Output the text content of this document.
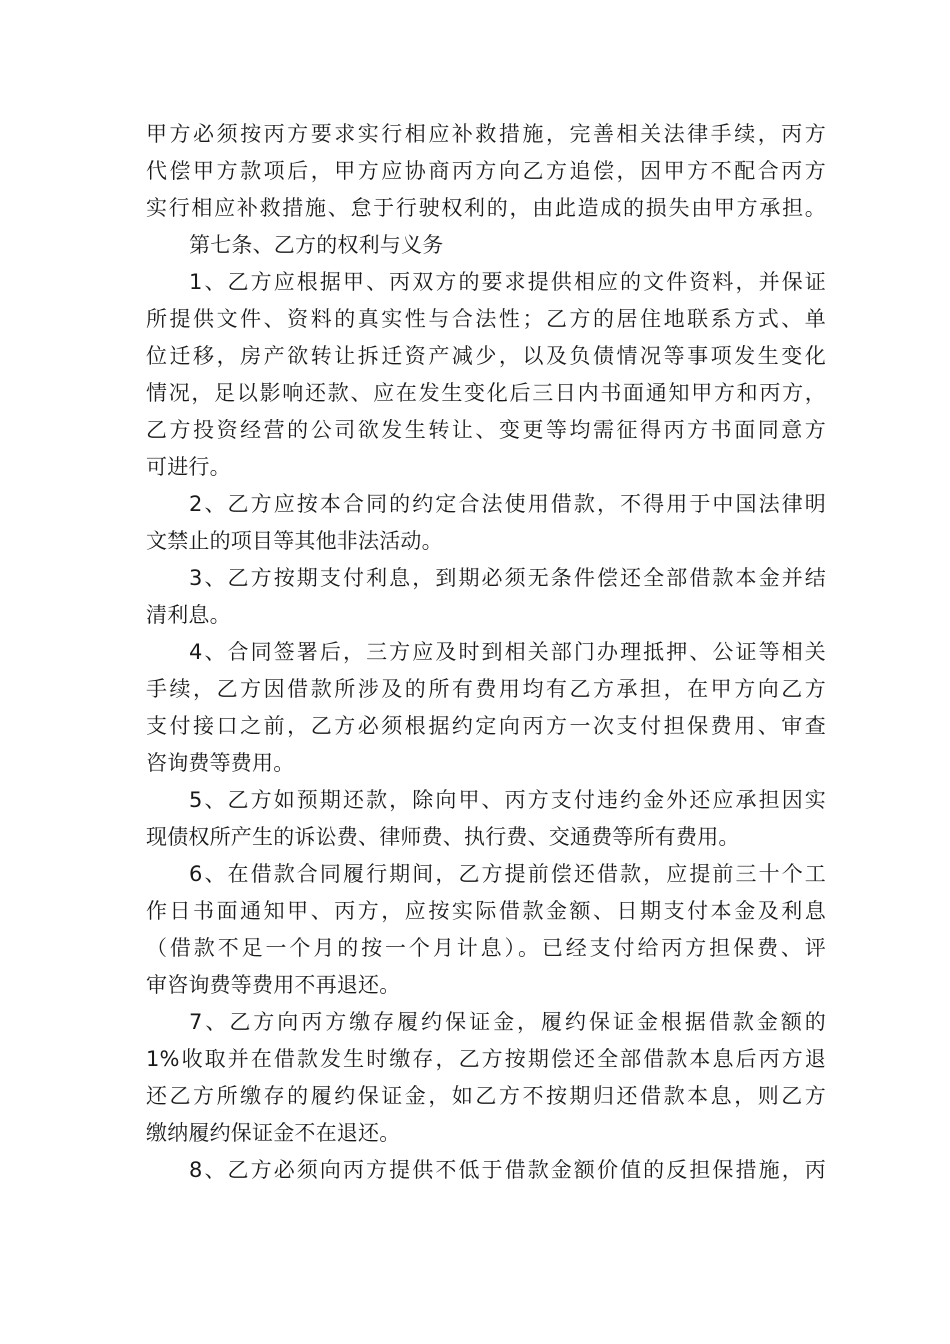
甲方必须按丙方要求实行相应补救措施，完善相关法律手续，丙方
代偿甲方款项后，甲方应协商丙方向乙方追偿，因甲方不配合丙方
实行相应补救措施、怠于行驶权利的，由此造成的损失由甲方承担。
第七条、乙方的权利与义务
1、乙方应根据甲、丙双方的要求提供相应的文件资料，并保证
所提供文件、资料的真实性与合法性；乙方的居住地联系方式、单
位迁移，房产欲转让拆迁资产减少，以及负债情况等事项发生变化
情况，足以影响还款、应在发生变化后三日内书面通知甲方和丙方，
乙方投资经营的公司欲发生转让、变更等均需征得丙方书面同意方
可进行。
2、乙方应按本合同的约定合法使用借款，不得用于中国法律明
文禁止的项目等其他非法活动。
3、乙方按期支付利息，到期必须无条件偿还全部借款本金并结
清利息。
4、合同签署后，三方应及时到相关部门办理抵押、公证等相关
手续，乙方因借款所涉及的所有费用均有乙方承担，在甲方向乙方
支付接口之前，乙方必须根据约定向丙方一次支付担保费用、审查
咨询费等费用。
5、乙方如预期还款，除向甲、丙方支付违约金外还应承担因实
现债权所产生的诉讼费、律师费、执行费、交通费等所有费用。
6、在借款合同履行期间，乙方提前偿还借款，应提前三十个工
作日书面通知甲、丙方，应按实际借款金额、日期支付本金及利息
（借款不足一个月的按一个月计息）。已经支付给丙方担保费、评
审咨询费等费用不再退还。
7、乙方向丙方缴存履约保证金，履约保证金根据借款金额的
1%收取并在借款发生时缴存，乙方按期偿还全部借款本息后丙方退
还乙方所缴存的履约保证金，如乙方不按期归还借款本息，则乙方
缴纳履约保证金不在退还。
8、乙方必须向丙方提供不低于借款金额价值的反担保措施，丙
